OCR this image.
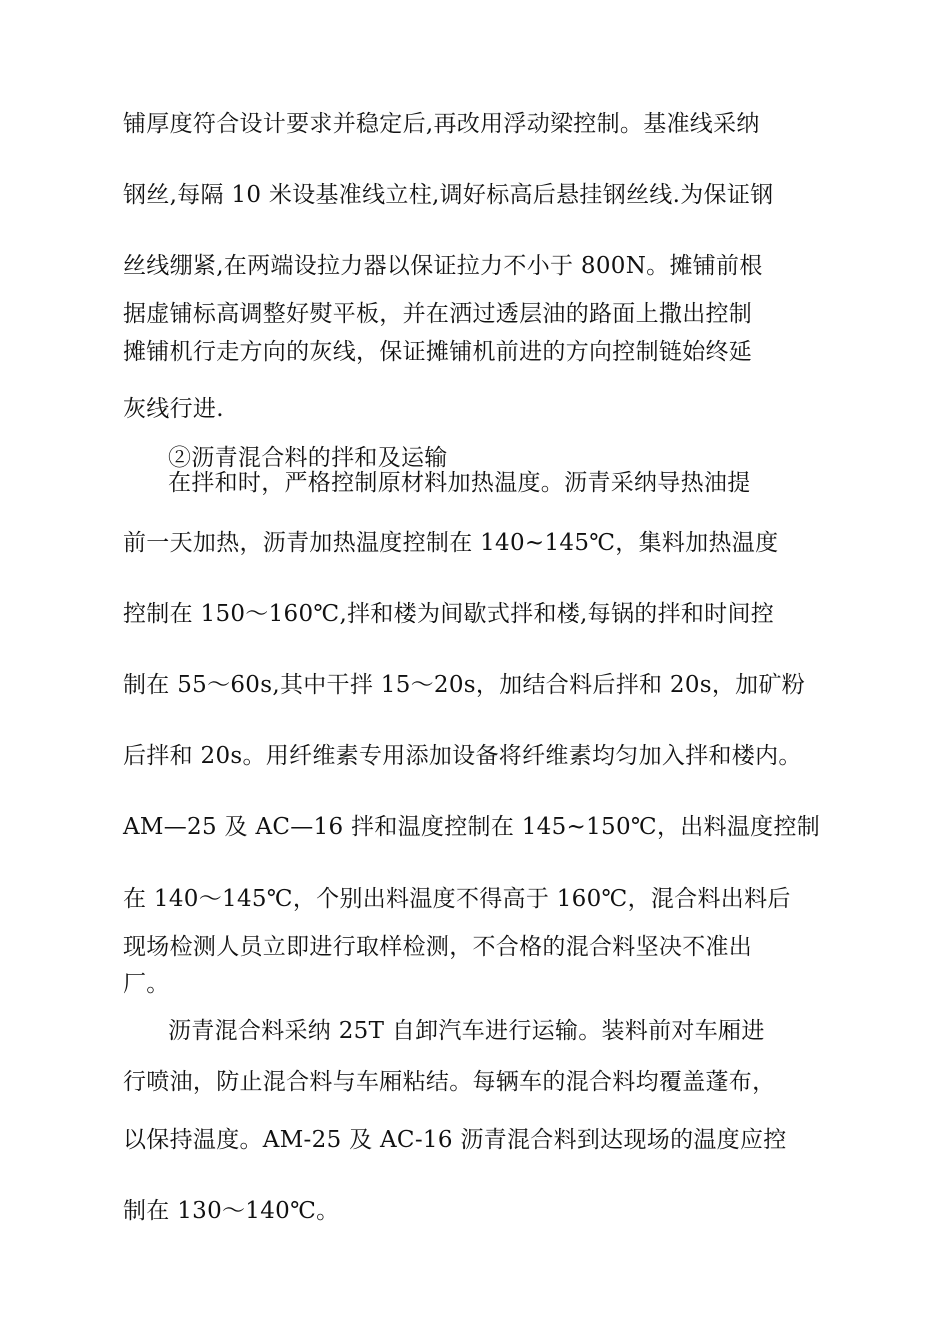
铺厚度符合设计要求并稳定后,再改用浮动梁控制。基准线采纳
钢丝,每隔 10 米设基准线立柱,调好标高后悬挂钢丝线.为保证钢
丝线绷紧,在两端设拉力器以保证拉力不小于 800N。摊铺前根
据虚铺标高调整好熨平板，并在洒过透层油的路面上撒出控制
摊铺机行走方向的灰线，保证摊铺机前进的方向控制链始终延
灰线行进.
②沥青混合料的拌和及运输
在拌和时，严格控制原材料加热温度。沥青采纳导热油提
前一天加热，沥青加热温度控制在 140~145℃，集料加热温度
控制在 150～160℃,拌和楼为间歇式拌和楼,每锅的拌和时间控
制在 55～60s,其中干拌 15～20s，加结合料后拌和 20s，加矿粉
后拌和 20s。用纤维素专用添加设备将纤维素均匀加入拌和楼内。
AM—25 及 AC—16 拌和温度控制在 145~150℃，出料温度控制
在 140～145℃，个别出料温度不得高于 160℃，混合料出料后
现场检测人员立即进行取样检测，不合格的混合料坚决不准出
厂。
沥青混合料采纳 25T 自卸汽车进行运输。装料前对车厢进
行喷油，防止混合料与车厢粘结。每辆车的混合料均覆盖蓬布，
以保持温度。AM-25 及 AC-16 沥青混合料到达现场的温度应控
制在 130～140℃。
